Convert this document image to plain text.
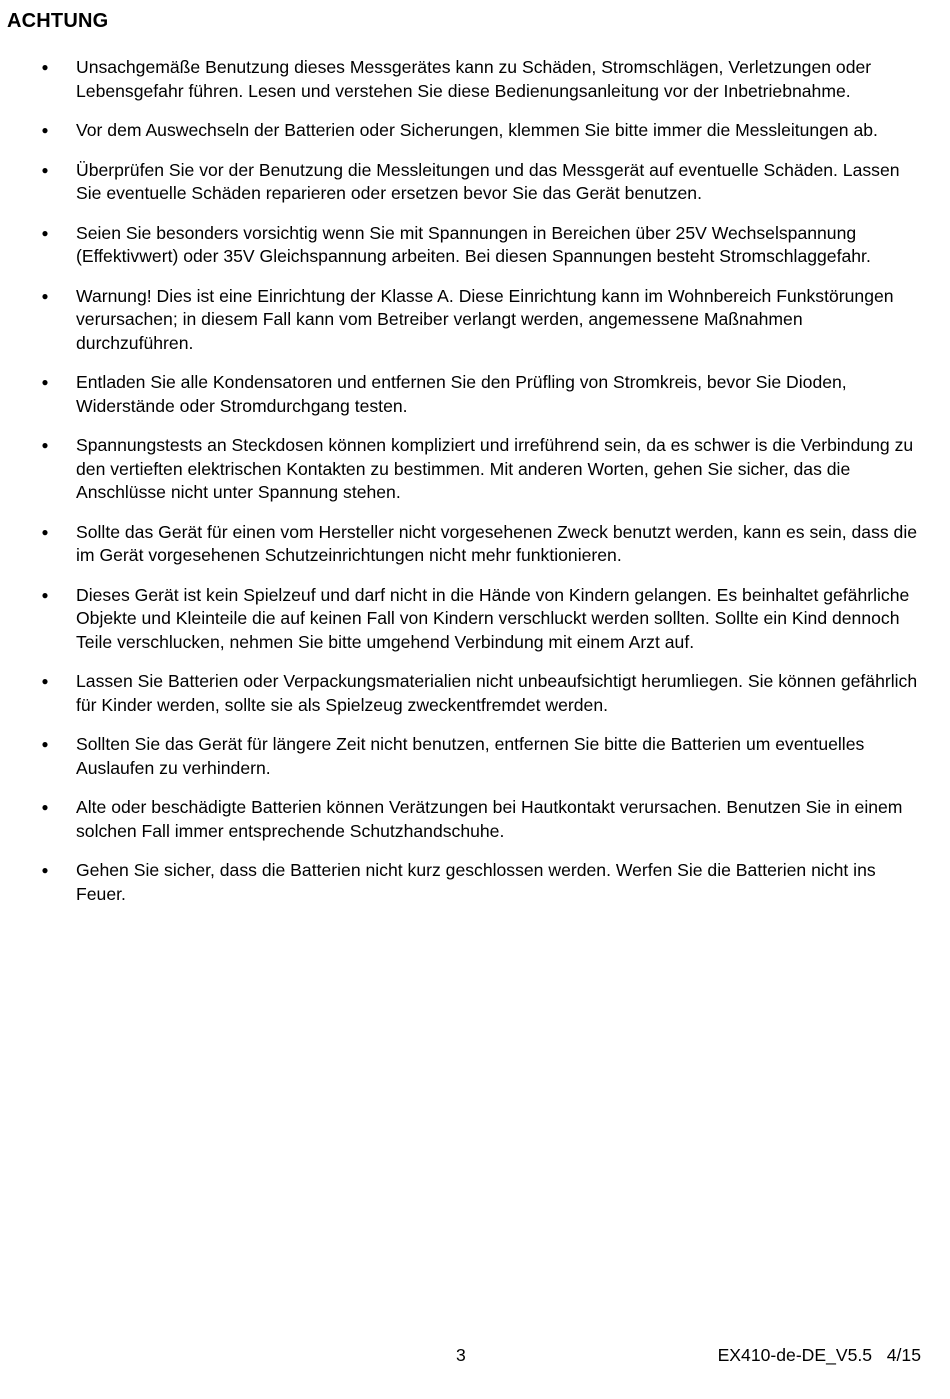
ACHTUNG
● Unsachgemäße Benutzung dieses Messgerätes kann zu Schäden, Stromschlägen, Verletzungen oder Lebensgefahr führen. Lesen und verstehen Sie diese Bedienungsanleitung vor der Inbetriebnahme.
● Vor dem Auswechseln der Batterien oder Sicherungen, klemmen Sie bitte immer die Messleitungen ab.
● Überprüfen Sie vor der Benutzung die Messleitungen und das Messgerät auf eventuelle Schäden. Lassen Sie eventuelle Schäden reparieren oder ersetzen bevor Sie das Gerät benutzen.
● Seien Sie besonders vorsichtig wenn Sie mit Spannungen in Bereichen über 25V Wechselspannung (Effektivwert) oder 35V Gleichspannung arbeiten. Bei diesen Spannungen besteht Stromschlaggefahr.
● Warnung! Dies ist eine Einrichtung der Klasse A. Diese Einrichtung kann im Wohnbereich Funkstörungen verursachen; in diesem Fall kann vom Betreiber verlangt werden, angemessene Maßnahmen durchzuführen.
● Entladen Sie alle Kondensatoren und entfernen Sie den Prüfling von Stromkreis, bevor Sie Dioden, Widerstände oder Stromdurchgang testen.
● Spannungstests an Steckdosen können kompliziert und irreführend sein, da es schwer is die Verbindung zu den vertieften elektrischen Kontakten zu bestimmen. Mit anderen Worten, gehen Sie sicher, das die Anschlüsse nicht unter Spannung stehen.
● Sollte das Gerät für einen vom Hersteller nicht vorgesehenen Zweck benutzt werden, kann es sein, dass die im Gerät vorgesehenen Schutzeinrichtungen nicht mehr funktionieren.
● Dieses Gerät ist kein Spielzeuf und darf nicht in die Hände von Kindern gelangen. Es beinhaltet gefährliche Objekte und Kleinteile die auf keinen Fall von Kindern verschluckt werden sollten. Sollte ein Kind dennoch Teile verschlucken, nehmen Sie bitte umgehend Verbindung mit einem Arzt auf.
● Lassen Sie Batterien oder Verpackungsmaterialien nicht unbeaufsichtigt herumliegen. Sie können gefährlich für Kinder werden, sollte sie als Spielzeug zweckentfremdet werden.
● Sollten Sie das Gerät für längere Zeit nicht benutzen, entfernen Sie bitte die Batterien um eventuelles Auslaufen zu verhindern.
● Alte oder beschädigte Batterien können Verätzungen bei Hautkontakt verursachen. Benutzen Sie in einem solchen Fall immer entsprechende Schutzhandschuhe.
● Gehen Sie sicher, dass die Batterien nicht kurz geschlossen werden. Werfen Sie die Batterien nicht ins Feuer.
3	EX410-de-DE_V5.5   4/15
